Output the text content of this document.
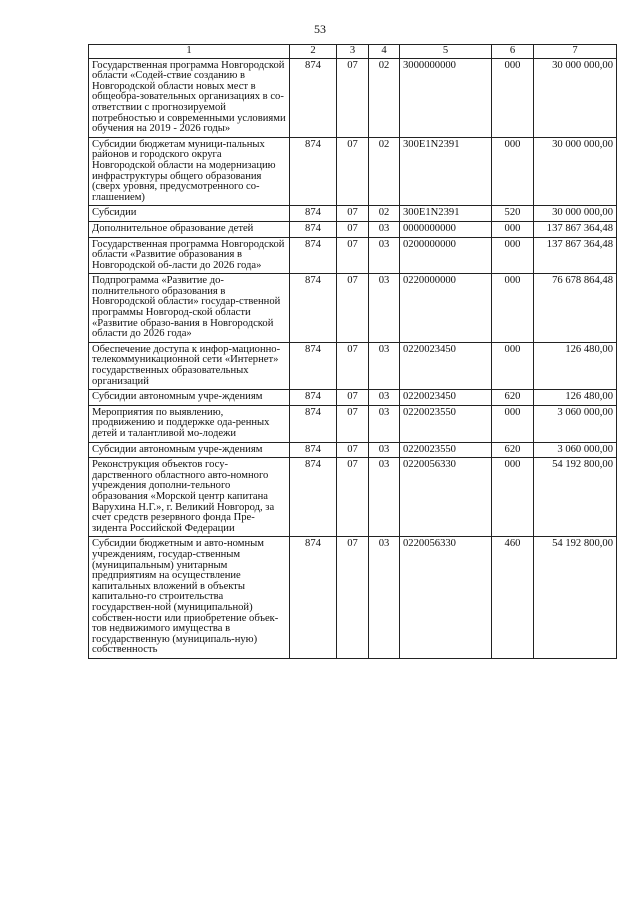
53
1	2	3	4	5	6	7
Государственная программа Новгородской области «Содей-ствие созданию в Новгородской области новых мест в общеобра-зовательных организациях в со-ответствии с прогнозируемой потребностью и современными условиями обучения на 2019 - 2026 годы»	874	07	02	3000000000	000	30 000 000,00
Субсидии бюджетам муници-пальных районов и городского округа Новгородской области на модернизацию инфраструктуры общего образования (сверх уровня, предусмотренного со-глашением)	874	07	02	300E1N2391	000	30 000 000,00
Субсидии	874	07	02	300E1N2391	520	30 000 000,00
Дополнительное образование детей	874	07	03	0000000000	000	137 867 364,48
Государственная программа Новгородской области «Развитие образования в Новгородской об-ласти до 2026 года»	874	07	03	0200000000	000	137 867 364,48
Подпрограмма «Развитие до-полнительного образования в Новгородской области» государ-ственной программы Новгород-ской области «Развитие образо-вания в Новгородской области до 2026 года»	874	07	03	0220000000	000	76 678 864,48
Обеспечение доступа к инфор-мационно-телекоммуникационной сети «Интернет» государственных образовательных организаций	874	07	03	0220023450	000	126 480,00
Субсидии автономным учре-ждениям	874	07	03	0220023450	620	126 480,00
Мероприятия по выявлению, продвижению и поддержке ода-ренных детей и талантливой мо-лодежи	874	07	03	0220023550	000	3 060 000,00
Субсидии автономным учре-ждениям	874	07	03	0220023550	620	3 060 000,00
Реконструкция объектов госу-дарственного областного авто-номного учреждения дополни-тельного образования «Морской центр капитана Варухина Н.Г.», г. Великий Новгород, за счет средств резервного фонда Пре-зидента Российской Федерации	874	07	03	0220056330	000	54 192 800,00
Субсидии бюджетным и авто-номным учреждениям, государ-ственным (муниципальным) унитарным предприятиям на осуществление капитальных вложений в объекты капитально-го строительства государствен-ной (муниципальной) собствен-ности или приобретение объек-тов недвижимого имущества в государственную (муниципаль-ную) собственность	874	07	03	0220056330	460	54 192 800,00
